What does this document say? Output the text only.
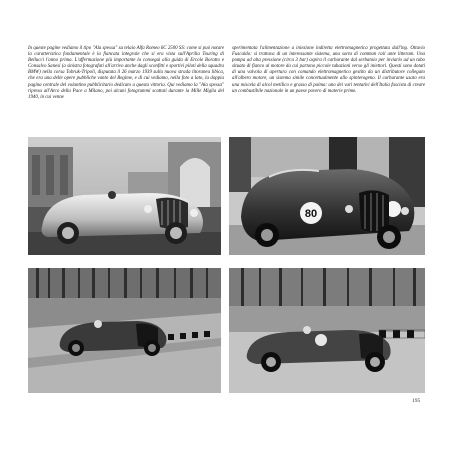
In queste pagine vediamo il tipo "Ala spessa" su telaio Alfa Romeo 6C 2500 SS: come si può notare la caratteristica fondamentale è la fiancata integrale che si era vista sull'Aprilia Touring di Bellucci l'anno prima. L'affermazione più importante la conseguì alla guida di Ercole Boratto e Consalvo Sanesi (a sinistra fotografati all'arrivo anche dagli sconfitti e sportivi piloti della squadra BMW) nella corsa Tobruk-Tripoli, disputata il 26 marzo 1939 sulla nuova strada litoranea libica, che era una delle opere pubbliche vanto del Regime, e di cui vediamo, nella foto a lato, la doppia pagina centrale del volantino pubblicitario dedicato a questa vittoria. Qui vediamo la "Ala spessa" ripresa all'Arco della Pace a Milano, poi alcuni fotogrammi scattati durante la Mille Miglia del 1940, in cui venne

sperimentata l'alimentazione a iniezione indiretta elettromagnetica progettata dall'ing. Ottavio Fuscaldo: si trattava di un interessante sistema, una sorta di common rail ante litteram. Una pompa ad alta pressione (circa 3 bar) aspira il carburante dal serbatoio per inviarlo ad un tubo situato di fianco al motore da cui partono piccole tubazioni verso gli iniettori. Questi sono dotati di una valvola di apertura con comando elettromagnetico gestito da un distributore collegato all'albero motore, un sistema simile concettualmente allo spinterogeno. Il carburante usato era una miscela di alcol metilico e grasso di palma: uno dei vari tentativi dell'Italia fascista di creare un combustibile nazionale in un paese povero di materie prime.

80
195
